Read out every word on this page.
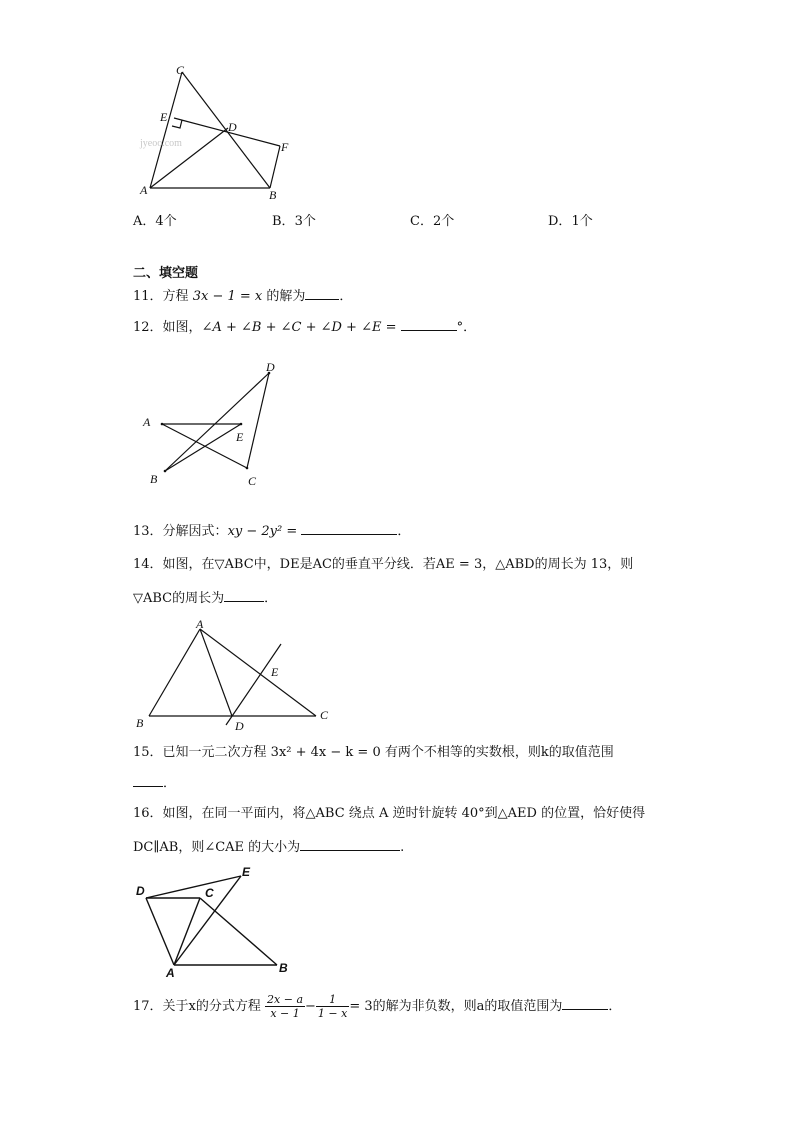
C
E
D
F
A	B
jyeoo.com
A．4个	B．3个	C．2个	D．1个
二、填空题
11．方程 3x − 1 = x 的解为	．
12．如图，∠A + ∠B + ∠C + ∠D + ∠E =	°．
A
B	C
D
E
13．分解因式：xy − 2y² =	．
14．如图，在▽ABC中，DE是AC的垂直平分线．若AE = 3，△ABD的周长为 13，则
▽ABC的周长为	．
A
B
C
D
E
15．已知一元二次方程 3x² + 4x − k = 0 有两个不相等的实数根，则k的取值范围
．
16．如图，在同一平面内，将△ABC 绕点 A 逆时针旋转 40°到△AED 的位置，恰好使得
DC∥AB，则∠CAE 的大小为	.
D
E
C
A	B
17．关于x的分式方程 $\frac{2x - a}{x - 1} - \frac{1}{1 - x} = 3$的解为非负数，则a的取值范围为	．
